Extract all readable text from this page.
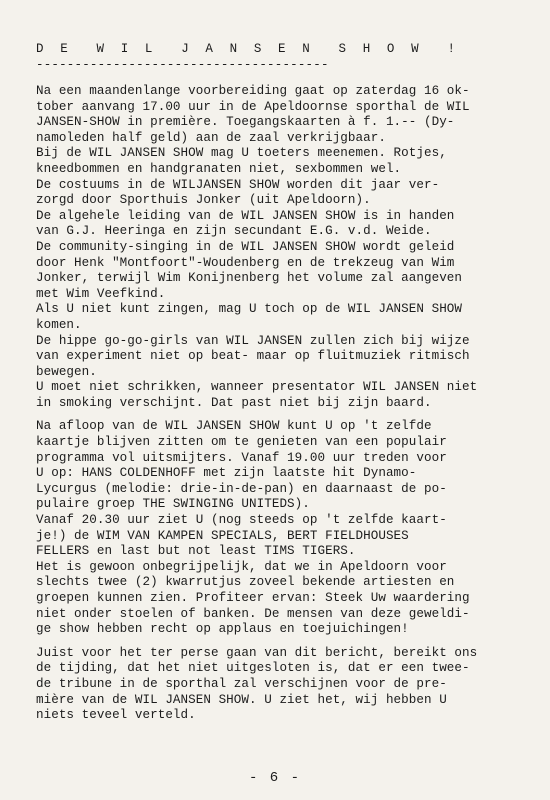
D E  W I L  J A N S E N  S H O W  !
--------------------------------------
Na een maandenlange voorbereiding gaat op zaterdag 16 ok-
tober aanvang 17.00 uur in de Apeldoornse sporthal de WIL
JANSEN-SHOW in première. Toegangskaarten à f. 1.-- (Dy-
namoleden half geld) aan de zaal verkrijgbaar.
Bij de WIL JANSEN SHOW mag U toeters meenemen. Rotjes,
kneedbommen en handgranaten niet, sexbommen wel.
De costuums in de WILJANSEN SHOW worden dit jaar ver-
zorgd door Sporthuis Jonker (uit Apeldoorn).
De algehele leiding van de WIL JANSEN SHOW is in handen
van G.J. Heeringa en zijn secundant E.G. v.d. Weide.
De community-singing in de WIL JANSEN SHOW wordt geleid
door Henk "Montfoort"-Woudenberg en de trekzeug van Wim
Jonker, terwijl Wim Konijnenberg het volume zal aangeven
met Wim Veefkind.
Als U niet kunt zingen, mag U toch op de WIL JANSEN SHOW
komen.
De hippe go-go-girls van WIL JANSEN zullen zich bij wijze
van experiment niet op beat- maar op fluitmuziek ritmisch
bewegen.
U moet niet schrikken, wanneer presentator WIL JANSEN niet
in smoking verschijnt. Dat past niet bij zijn baard.
Na afloop van de WIL JANSEN SHOW kunt U op 't zelfde
kaartje blijven zitten om te genieten van een populair
programma vol uitsmijters. Vanaf 19.00 uur treden voor
U op: HANS COLDENHOFF met zijn laatste hit Dynamo-
Lycurgus (melodie: drie-in-de-pan) en daarnaast de po-
pulaire groep THE SWINGING UNITEDS).
Vanaf 20.30 uur ziet U (nog steeds op 't zelfde kaart-
je!) de WIM VAN KAMPEN SPECIALS, BERT FIELDHOUSES
FELLERS en last but not least TIMS TIGERS.
Het is gewoon onbegrijpelijk, dat we in Apeldoorn voor
slechts twee (2) kwarrutjus zoveel bekende artiesten en
groepen kunnen zien. Profiteer ervan: Steek Uw waardering
niet onder stoelen of banken. De mensen van deze geweldi-
ge show hebben recht op applaus en toejuichingen!
Juist voor het ter perse gaan van dit bericht, bereikt ons
de tijding, dat het niet uitgesloten is, dat er een twee-
de tribune in de sporthal zal verschijnen voor de pre-
mière van de WIL JANSEN SHOW. U ziet het, wij hebben U
niets teveel verteld.
- 6 -
